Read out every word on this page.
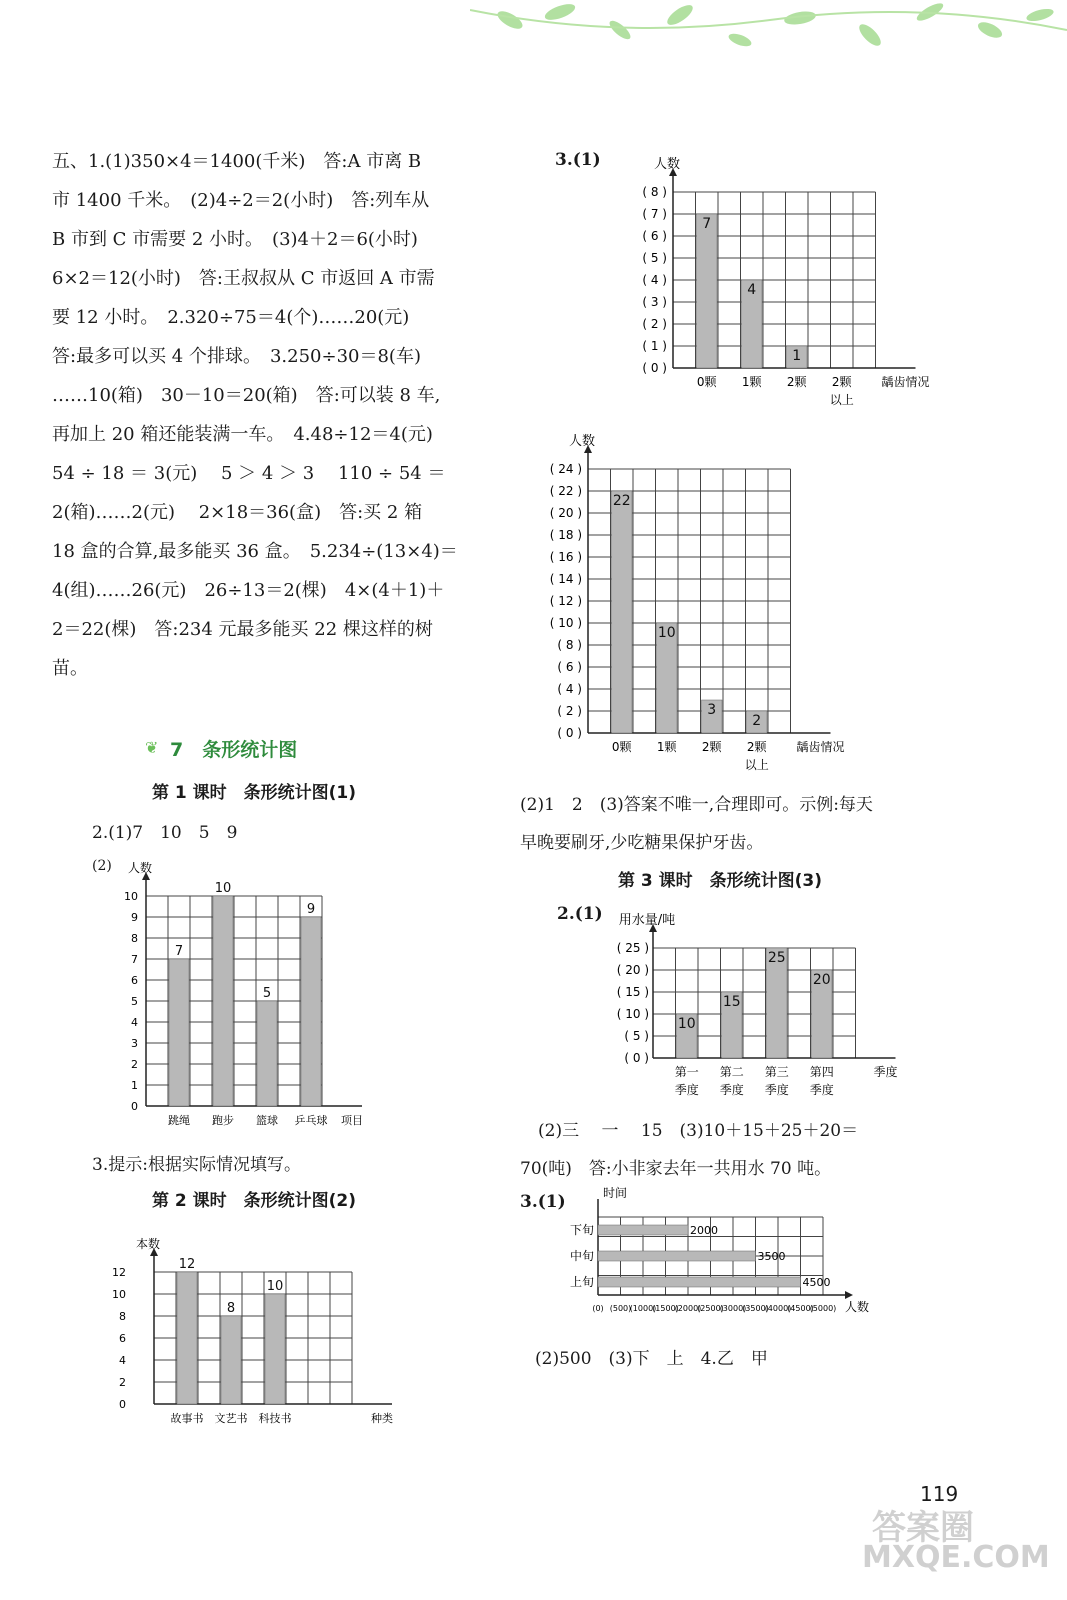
五、1.(1)350×4＝1400(千米)　答:A 市离 B
市 1400 千米。　(2)4÷2＝2(小时)　答:列车从
B 市到 C 市需要 2 小时。　(3)4＋2＝6(小时)
6×2＝12(小时)　答:王叔叔从 C 市返回 A 市需
要 12 小时。　2.320÷75＝4(个)……20(元)
答:最多可以买 4 个排球。　3.250÷30＝8(车)
……10(箱)　30－10＝20(箱)　答:可以装 8 车,
再加上 20 箱还能装满一车。　4.48÷12＝4(元)
54 ÷ 18 ＝ 3(元)　 5 ＞ 4 ＞ 3　 110 ÷ 54 ＝
2(箱)……2(元)　 2×18＝36(盒)　答:买 2 箱
18 盒的合算,最多能买 36 盒。　5.234÷(13×4)＝
4(组)……26(元)　26÷13＝2(棵)　4×(4＋1)＋
2＝22(棵)　答:234 元最多能买 22 棵这样的树
苗。
❦ 7　 条形统计图
第 1 课时　条形统计图(1)
2.(1)7　10　5　9
(2) 人数
0
1
2
3
4
5
6
7
8
9
10
7
跳绳
10
跑步
5
篮球
9
乒乓球 项目
3.提示:根据实际情况填写。
第 2 课时　条形统计图(2)
本数
0
2
4
6
8
10
12
12
故事书
8
文艺书
10
科技书	种类
3.(1)	人数
( 0 )
( 1 )
( 2 )
( 3 )
( 4 )
( 5 )
( 6 )
( 7 )
( 8 )
7
0颗
4
1颗
1
2颗 2颗
以上
龋齿情况
人数
( 0 )
( 2 )
( 4 )
( 6 )
( 8 )
( 10 )
( 12 )
( 14 )
( 16 )
( 18 )
( 20 )
( 22 )
( 24 )
22
0颗
10
1颗
3
2颗
2
2颗
以上
龋齿情况
(2)1　2　(3)答案不唯一,合理即可。示例:每天
早晚要刷牙,少吃糖果保护牙齿。
第 3 课时　条形统计图(3)
2.(1) 用水量/吨
( 0 )
( 5 )
( 10 )
( 15 )
( 20 )
( 25 )
10
第一
季度
15
第二
季度
25
第三
季度
20
第四
季度
季度
(2)三　 一　 15　(3)10＋15＋25＋20＝
70(吨)　答:小非家去年一共用水 70 吨。
3.(1)	时间
4500
上旬
3500
中旬
2000
下旬
(0) (500)
(1000)
(1500)
(2000)
(2500)
(3000)
(3500)
(4000)
(4500)
(5000) 人数
(2)500　(3)下　上　4.乙　甲
119
答案圈
MXQE.COM
